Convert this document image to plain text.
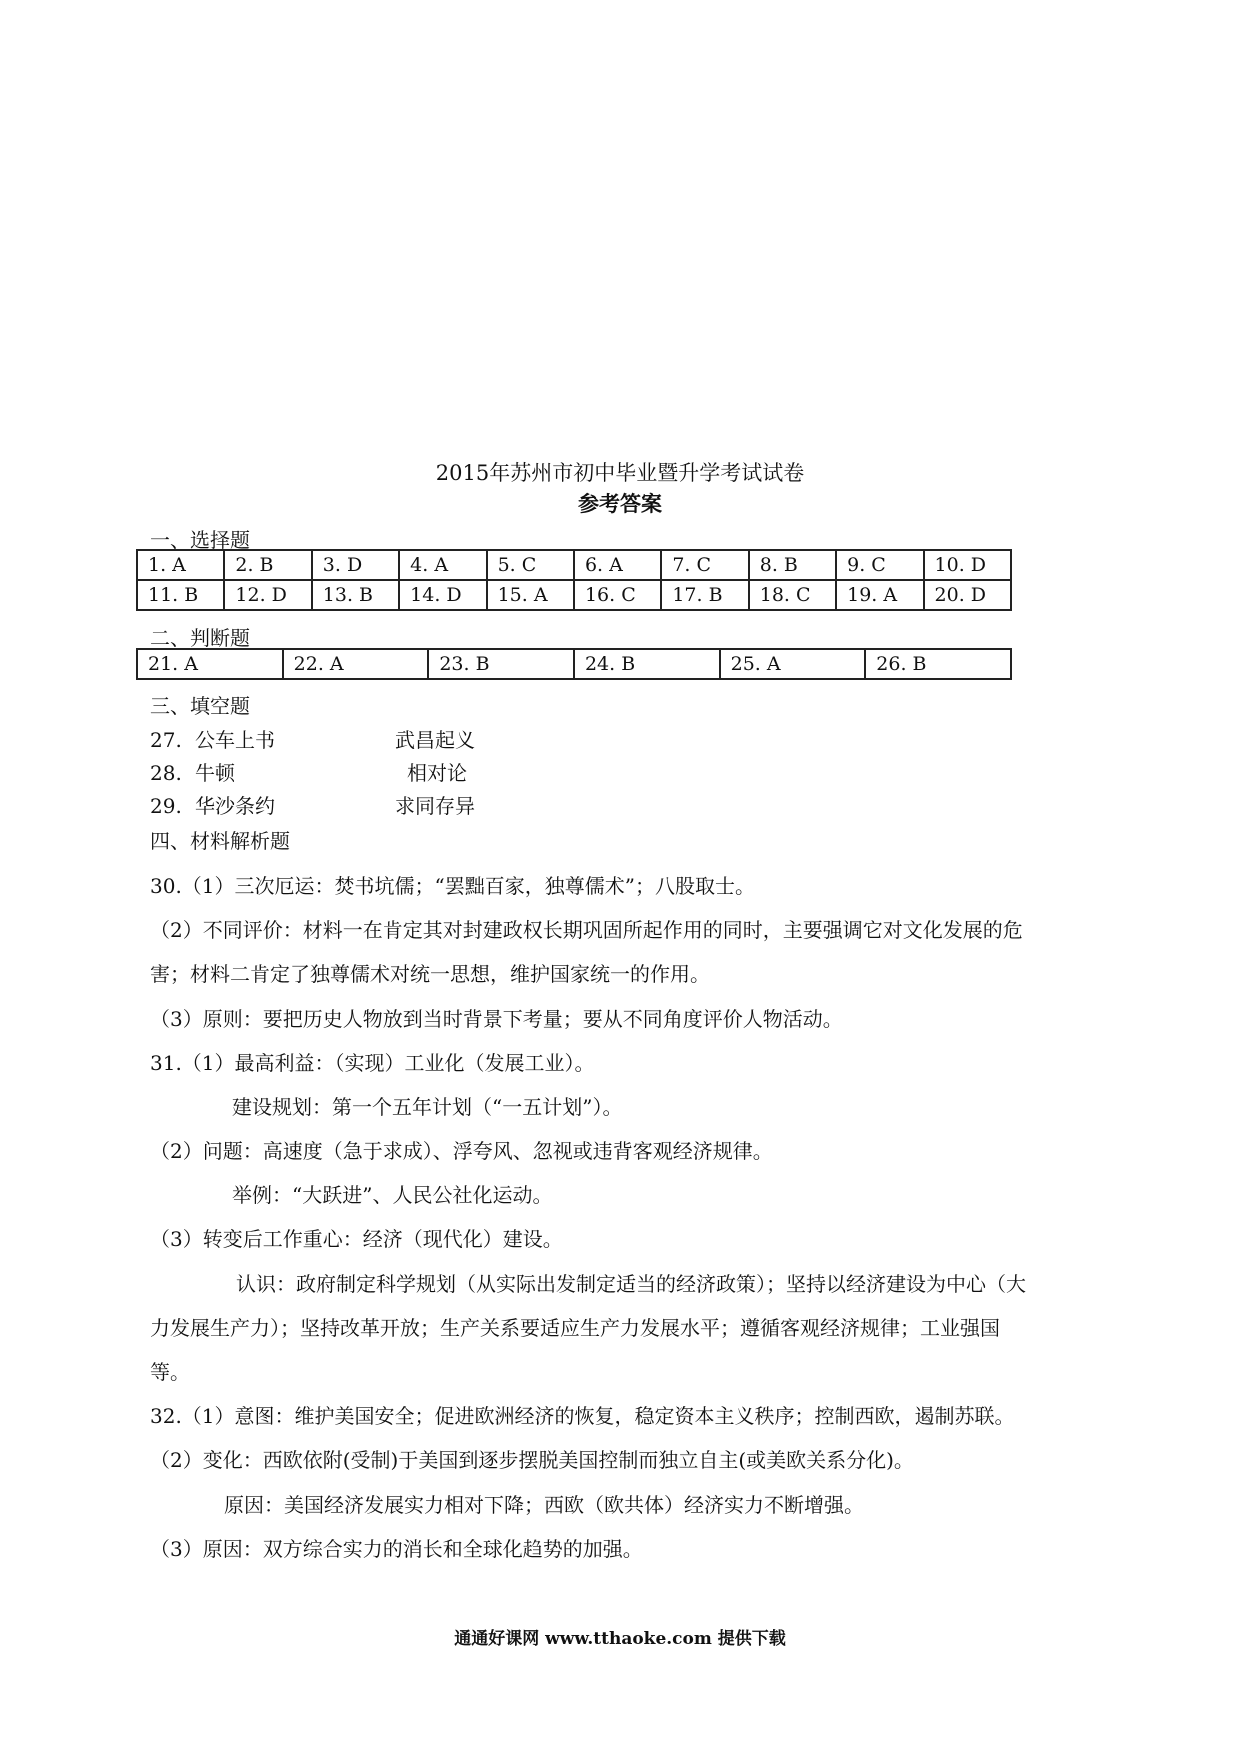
2015年苏州市初中毕业暨升学考试试卷
参考答案
一、选择题
1. A	2. B	3. D	4. A	5. C	6. A	7. C	8. B	9. C	10. D
11. B	12. D	13. B	14. D	15. A	16. C	17. B	18. C	19. A	20. D
二、判断题
21. A	22. A	23. B	24. B	25. A	26. B
三、填空题
27. 公车上书	武昌起义
28. 牛顿	相对论
29. 华沙条约	求同存异
四、材料解析题
30.（1）三次厄运：焚书坑儒；“罢黜百家，独尊儒术”；八股取士。
（2）不同评价：材料一在肯定其对封建政权长期巩固所起作用的同时，主要强调它对文化发展的危
害；材料二肯定了独尊儒术对统一思想，维护国家统一的作用。
（3）原则：要把历史人物放到当时背景下考量；要从不同角度评价人物活动。
31.（1）最高利益：（实现）工业化（发展工业）。
建设规划：第一个五年计划（“一五计划”）。
（2）问题：高速度（急于求成）、浮夸风、忽视或违背客观经济规律。
举例：“大跃进”、人民公社化运动。
（3）转变后工作重心：经济（现代化）建设。
认识：政府制定科学规划（从实际出发制定适当的经济政策）；坚持以经济建设为中心（大
力发展生产力）；坚持改革开放；生产关系要适应生产力发展水平；遵循客观经济规律；工业强国
等。
32.（1）意图：维护美国安全；促进欧洲经济的恢复，稳定资本主义秩序；控制西欧，遏制苏联。
（2）变化：西欧依附(受制)于美国到逐步摆脱美国控制而独立自主(或美欧关系分化)。
原因：美国经济发展实力相对下降；西欧（欧共体）经济实力不断增强。
（3）原因：双方综合实力的消长和全球化趋势的加强。
通通好课网 www.tthaoke.com 提供下载
